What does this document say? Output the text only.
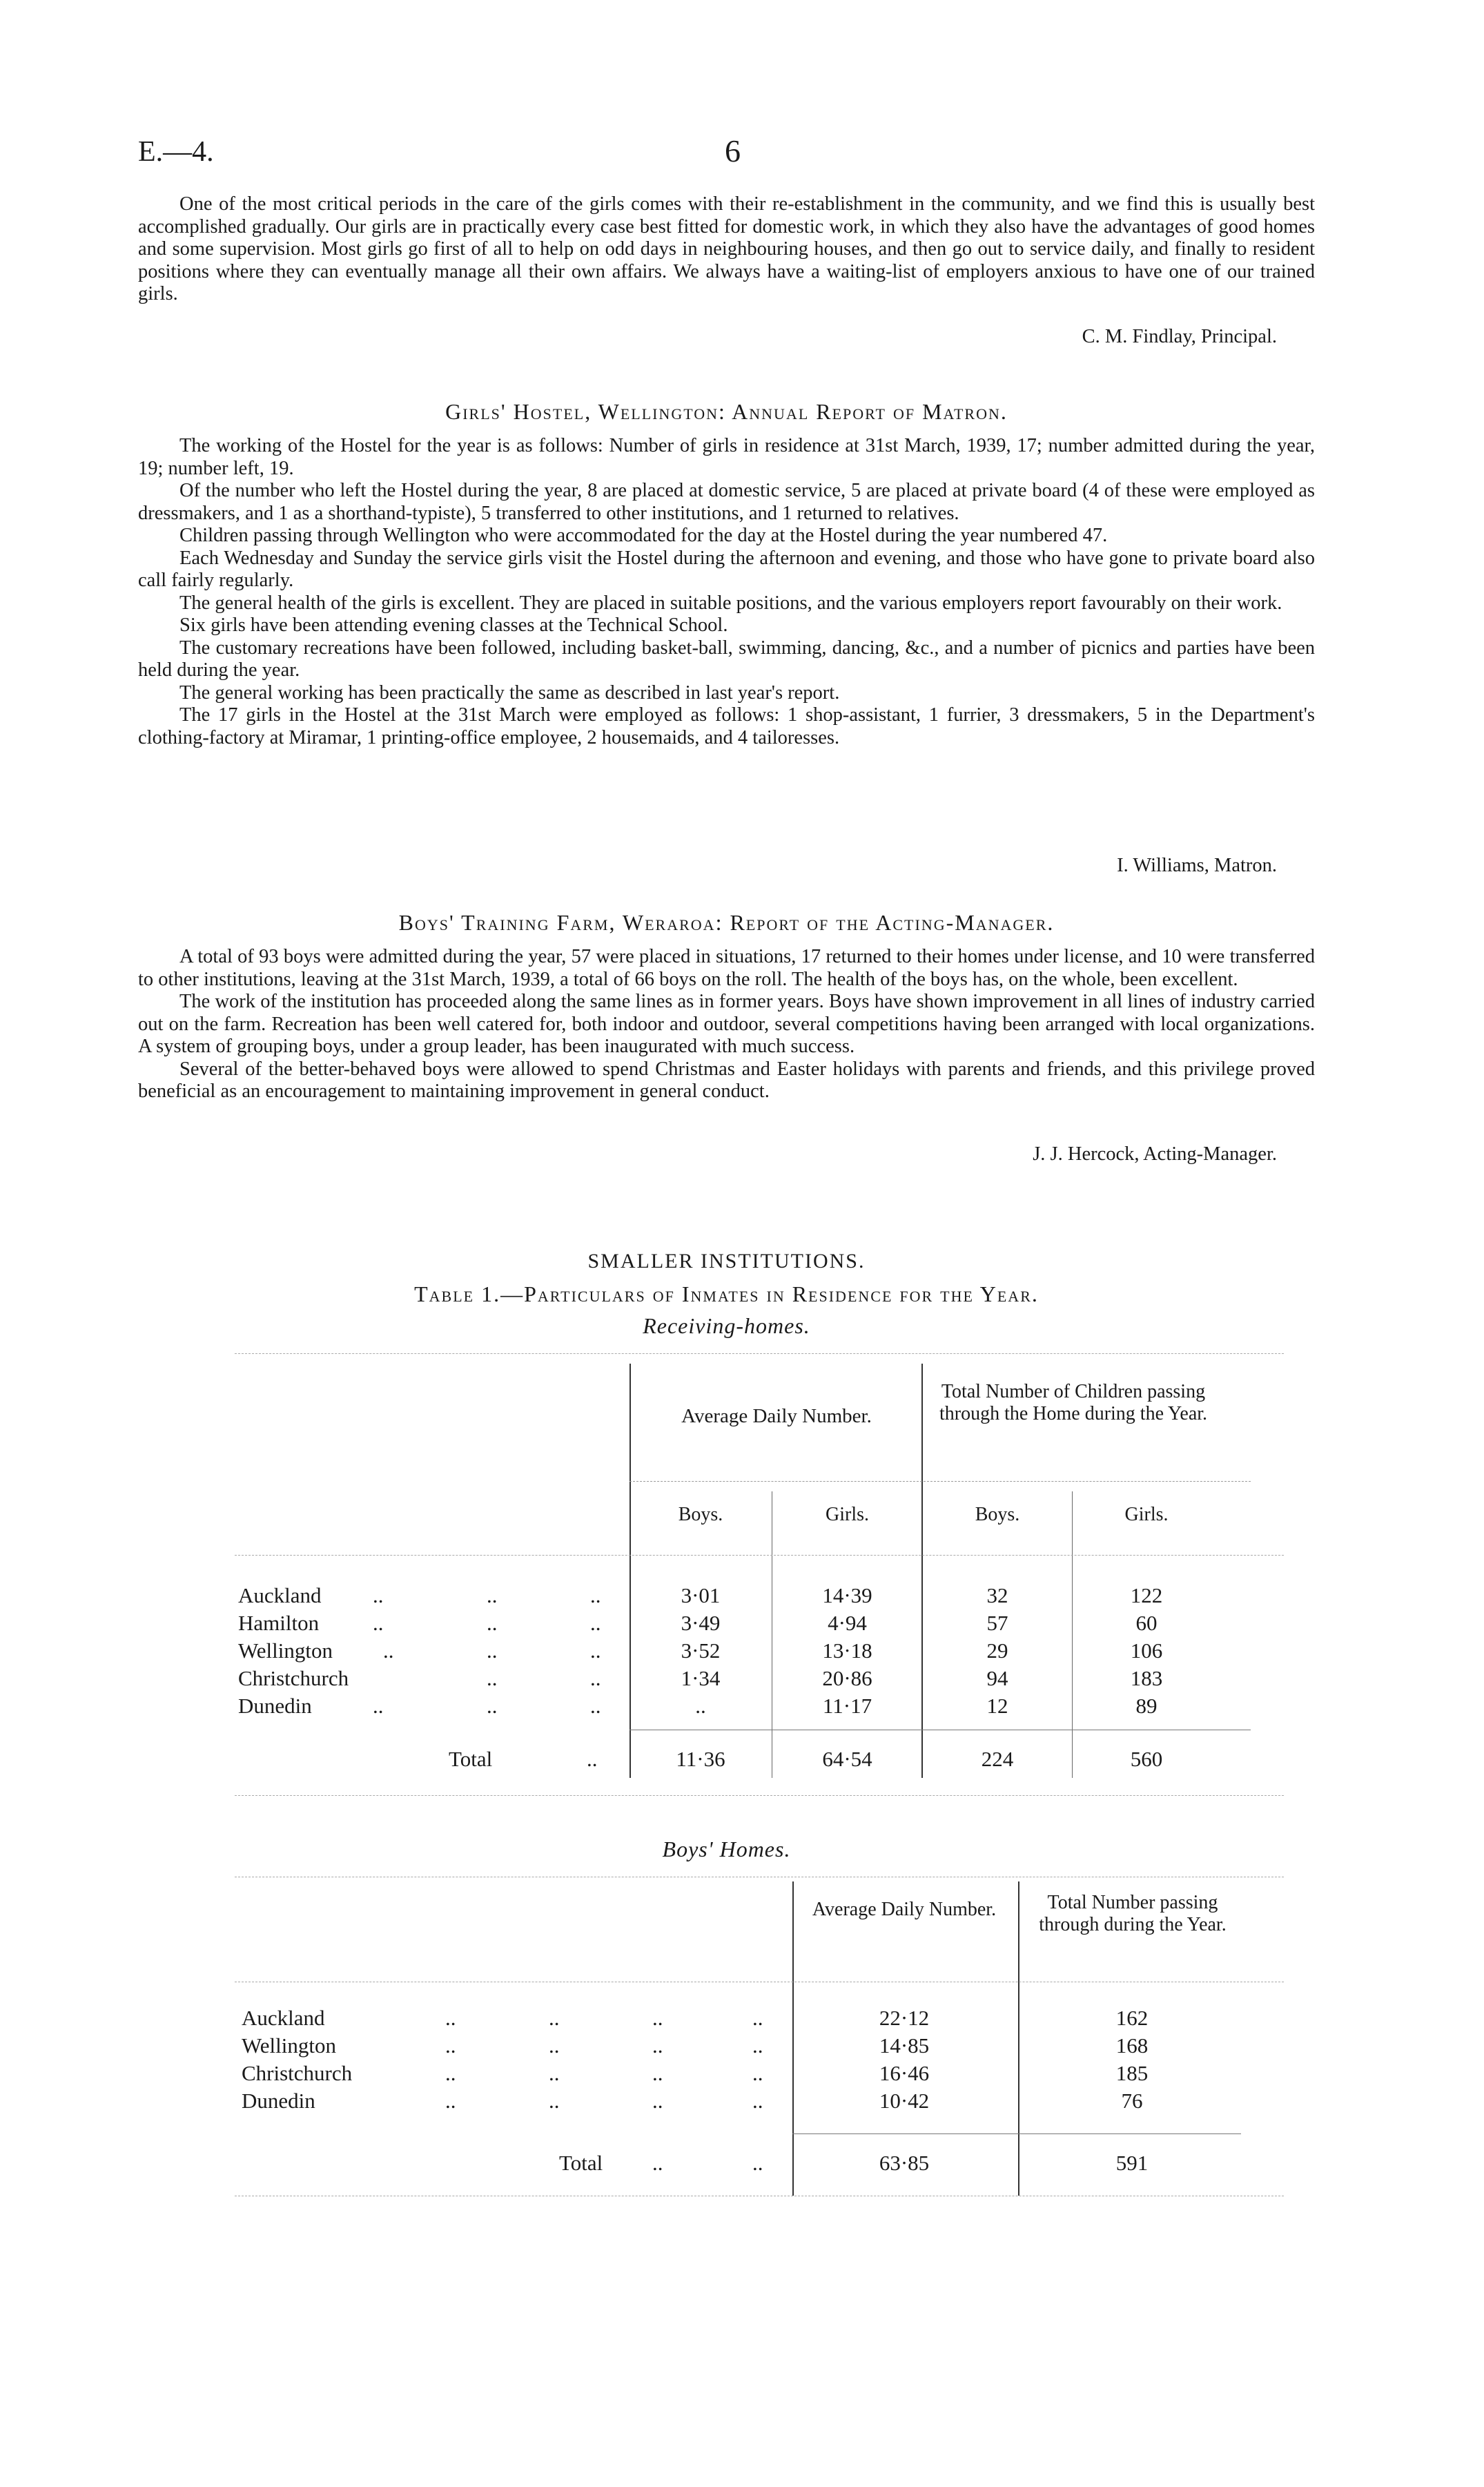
E.—4.	6

One of the most critical periods in the care of the girls comes with their re-establishment in the community, and we find this is usually best accomplished gradually. Our girls are in practically every case best fitted for domestic work, in which they also have the advantages of good homes and some supervision. Most girls go first of all to help on odd days in neighbouring houses, and then go out to service daily, and finally to resident positions where they can eventually manage all their own affairs. We always have a waiting-list of employers anxious to have one of our trained girls.

C. M. Findlay, Principal.
Girls' Hostel, Wellington: Annual Report of Matron.

The working of the Hostel for the year is as follows: Number of girls in residence at 31st March, 1939, 17; number admitted during the year, 19; number left, 19.

Of the number who left the Hostel during the year, 8 are placed at domestic service, 5 are placed at private board (4 of these were employed as dressmakers, and 1 as a shorthand-typiste), 5 transferred to other institutions, and 1 returned to relatives.

Children passing through Wellington who were accommodated for the day at the Hostel during the year numbered 47.

Each Wednesday and Sunday the service girls visit the Hostel during the afternoon and evening, and those who have gone to private board also call fairly regularly.

The general health of the girls is excellent. They are placed in suitable positions, and the various employers report favourably on their work.

Six girls have been attending evening classes at the Technical School.

The customary recreations have been followed, including basket-ball, swimming, dancing, &c., and a number of picnics and parties have been held during the year.

The general working has been practically the same as described in last year's report.

The 17 girls in the Hostel at the 31st March were employed as follows: 1 shop-assistant, 1 furrier, 3 dressmakers, 5 in the Department's clothing-factory at Miramar, 1 printing-office employee, 2 housemaids, and 4 tailoresses.

I. Williams, Matron.
Boys' Training Farm, Weraroa: Report of the Acting-Manager.

A total of 93 boys were admitted during the year, 57 were placed in situations, 17 returned to their homes under license, and 10 were transferred to other institutions, leaving at the 31st March, 1939, a total of 66 boys on the roll. The health of the boys has, on the whole, been excellent.

The work of the institution has proceeded along the same lines as in former years. Boys have shown improvement in all lines of industry carried out on the farm. Recreation has been well catered for, both indoor and outdoor, several competitions having been arranged with local organizations. A system of grouping boys, under a group leader, has been inaugurated with much success.

Several of the better-behaved boys were allowed to spend Christmas and Easter holidays with parents and friends, and this privilege proved beneficial as an encouragement to maintaining improvement in general conduct.

J. J. Hercock, Acting-Manager.
SMALLER INSTITUTIONS.
Table 1.—Particulars of Inmates in Residence for the Year.
Receiving-homes.
Average Daily Number.
Total Number of Children passing through the Home during the Year.
Boys.	Girls.	Boys.	Girls.
Auckland ..	..	..	3·01	14·39	32	122
Hamilton	..	..	..	3·49	4·94	57	60
Wellington ..	..	..	3·52	13·18	29	106
Christchurch	..	..	1·34	20·86	94	183
Dunedin	..	..	..	..	11·17	12	89
Total	..	11·36	64·54	224	560
Boys' Homes.
Average Daily Number.	Total Number passing through during the Year.
Auckland	..	..	..	..	22·12	162
Wellington	..	..	..	..	14·85	168
Christchurch	..	..	..	..	16·46	185
Dunedin	..	..	..	..	10·42	76
Total ..	..	63·85	591
